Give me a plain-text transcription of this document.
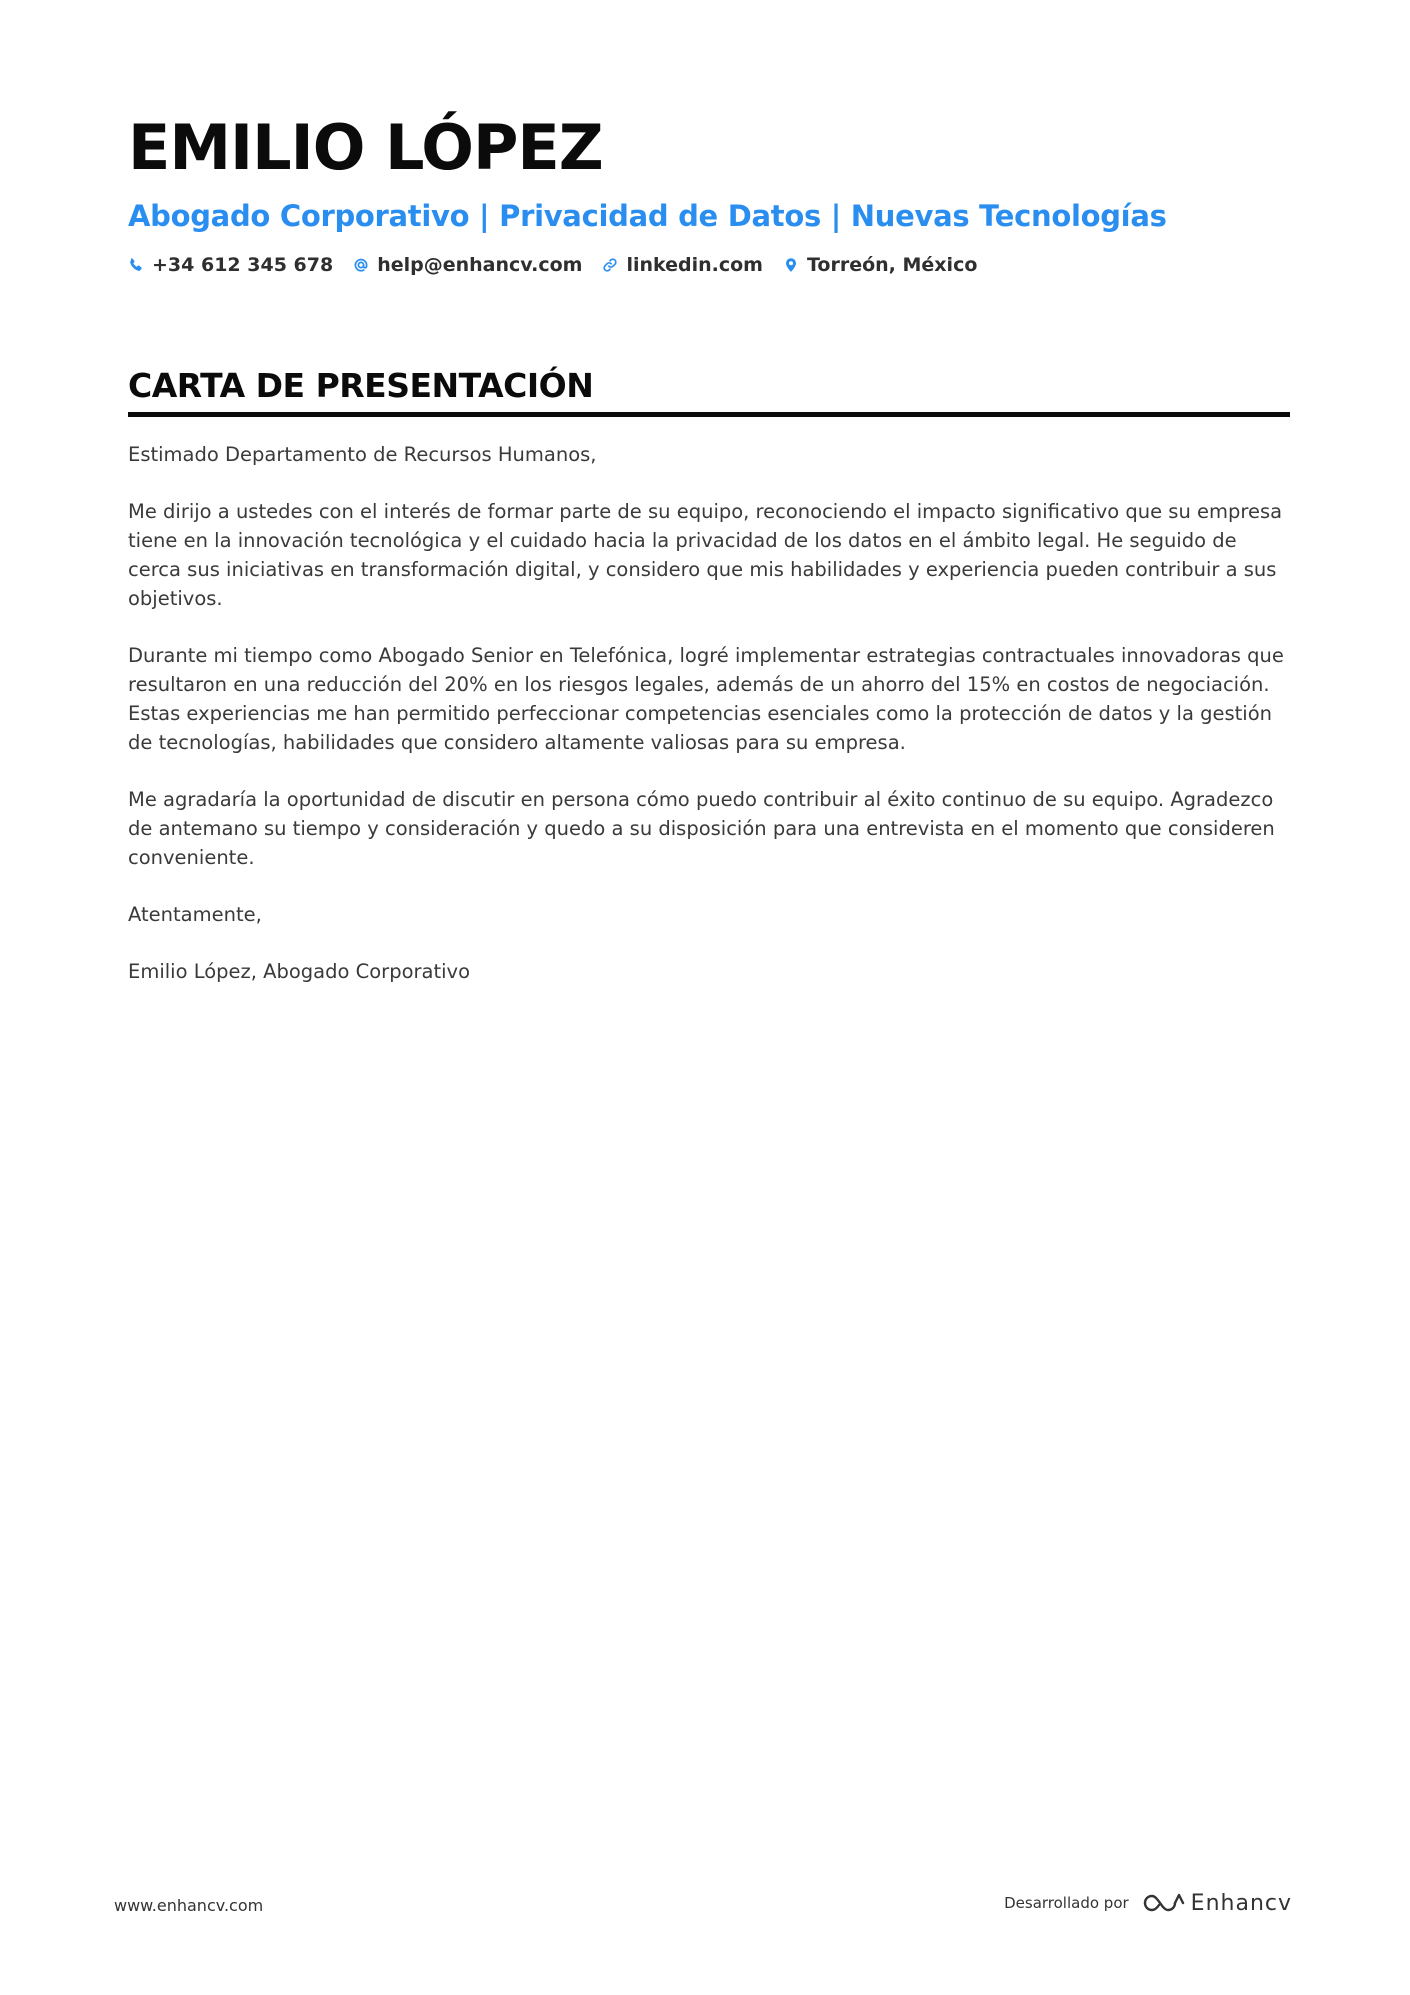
EMILIO LÓPEZ
Abogado Corporativo | Privacidad de Datos | Nuevas Tecnologías
+34 612 345 678 help@enhancv.com linkedin.com Torreón, México
CARTA DE PRESENTACIÓN

Estimado Departamento de Recursos Humanos,

Me dirijo a ustedes con el interés de formar parte de su equipo, reconociendo el impacto significativo que su empresa tiene en la innovación tecnológica y el cuidado hacia la privacidad de los datos en el ámbito legal. He seguido de cerca sus iniciativas en transformación digital, y considero que mis habilidades y experiencia pueden contribuir a sus objetivos.

Durante mi tiempo como Abogado Senior en Telefónica, logré implementar estrategias contractuales innovadoras que resultaron en una reducción del 20% en los riesgos legales, además de un ahorro del 15% en costos de negociación. Estas experiencias me han permitido perfeccionar competencias esenciales como la protección de datos y la gestión de tecnologías, habilidades que considero altamente valiosas para su empresa.

Me agradaría la oportunidad de discutir en persona cómo puedo contribuir al éxito continuo de su equipo. Agradezco de antemano su tiempo y consideración y quedo a su disposición para una entrevista en el momento que consideren conveniente.

Atentamente,

Emilio López, Abogado Corporativo

www.enhancv.com	Desarrollado por	Enhancv
